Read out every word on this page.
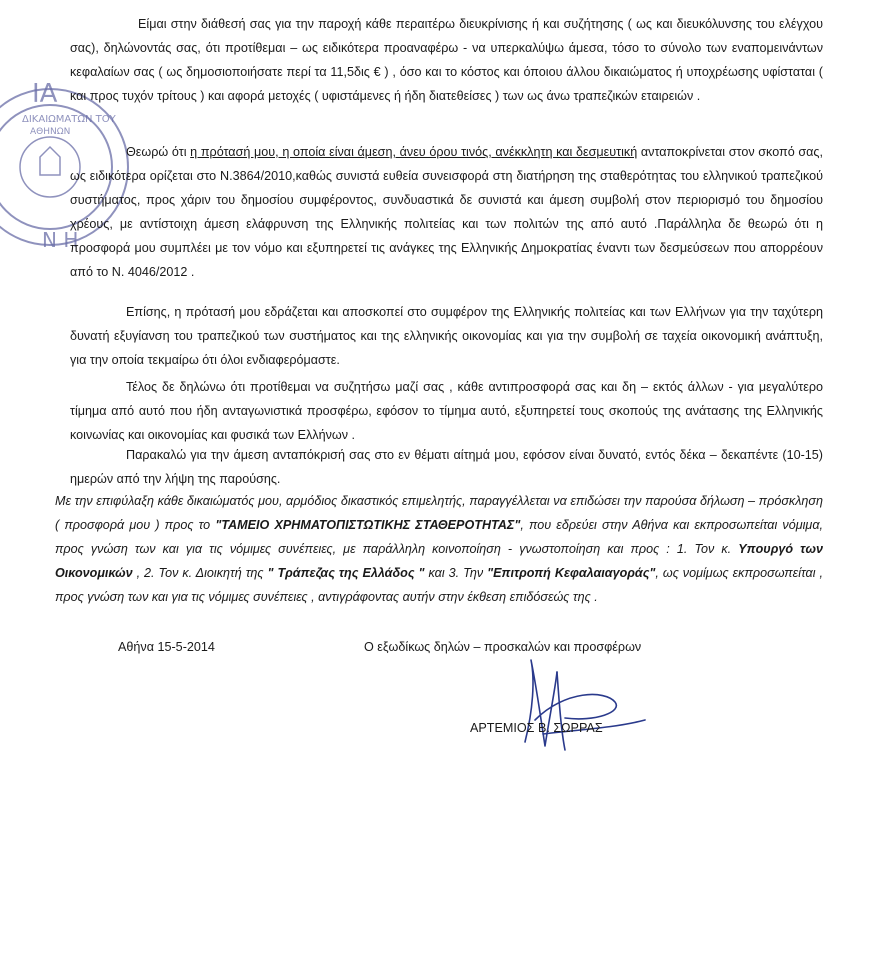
ΙΑ
ΔΙΚΑΙΩΜΑΤΩΝ ΤΟΥ
ΑΘΗΝΩΝ
Ν Η

Είμαι στην διάθεσή σας για την παροχή κάθε περαιτέρω διευκρίνισης ή και συζήτησης ( ως και διευκόλυνσης του ελέγχου σας), δηλώνοντάς σας, ότι προτίθεμαι – ως ειδικότερα προαναφέρω - να υπερκαλύψω άμεσα, τόσο το σύνολο των εναπομεινάντων κεφαλαίων σας ( ως δημοσιοποιήσατε περί τα 11,5δις € ) , όσο και το κόστος και όποιου άλλου δικαιώματος ή υποχρέωσης υφίσταται ( και προς τυχόν τρίτους ) και αφορά μετοχές ( υφιστάμενες ή ήδη διατεθείσες ) των ως άνω τραπεζικών εταιρειών .

Θεωρώ ότι η πρότασή μου, η οποία είναι άμεση, άνευ όρου τινός, ανέκκλητη και δεσμευτική ανταποκρίνεται στον σκοπό σας, ως ειδικότερα ορίζεται στο Ν.3864/2010,καθώς συνιστά ευθεία συνεισφορά στη διατήρηση της σταθερότητας του ελληνικού τραπεζικού συστήματος, προς χάριν του δημοσίου συμφέροντος, συνδυαστικά δε συνιστά και άμεση συμβολή στον περιορισμό του δημοσίου χρέους, με αντίστοιχη άμεση ελάφρυνση της Ελληνικής πολιτείας και των πολιτών της από αυτό .Παράλληλα δε θεωρώ ότι η προσφορά μου συμπλέει με τον νόμο και εξυπηρετεί τις ανάγκες της Ελληνικής Δημοκρατίας έναντι των δεσμεύσεων που απορρέουν από το Ν. 4046/2012 .

Επίσης, η πρότασή μου εδράζεται και αποσκοπεί στο συμφέρον της Ελληνικής πολιτείας και των Ελλήνων για την ταχύτερη δυνατή εξυγίανση του τραπεζικού των συστήματος και της ελληνικής οικονομίας και για την συμβολή σε ταχεία οικονομική ανάπτυξη, για την οποία τεκμαίρω ότι όλοι ενδιαφερόμαστε.

Τέλος δε δηλώνω ότι προτίθεμαι να συζητήσω μαζί σας , κάθε αντιπροσφορά σας και δη – εκτός άλλων - για μεγαλύτερο τίμημα από αυτό που ήδη ανταγωνιστικά προσφέρω, εφόσον το τίμημα αυτό, εξυπηρετεί τους σκοπούς της ανάτασης της Ελληνικής κοινωνίας και οικονομίας και φυσικά των Ελλήνων .

Παρακαλώ για την άμεση ανταπόκρισή σας στο εν θέματι αίτημά μου, εφόσον είναι δυνατό, εντός δέκα – δεκαπέντε (10-15) ημερών από την λήψη της παρούσης.

Με την επιφύλαξη κάθε δικαιώματός μου, αρμόδιος δικαστικός επιμελητής, παραγγέλλεται να επιδώσει την παρούσα δήλωση – πρόσκληση ( προσφορά μου ) προς το "ΤΑΜΕΙΟ ΧΡΗΜΑΤΟΠΙΣΤΩΤΙΚΗΣ ΣΤΑΘΕΡΟΤΗΤΑΣ", που εδρεύει στην Αθήνα και εκπροσωπείται νόμιμα, προς γνώση των και για τις νόμιμες συνέπειες, με παράλληλη κοινοποίηση - γνωστοποίηση και προς : 1. Τον κ. Υπουργό των Οικονομικών , 2. Τον κ. Διοικητή της " Τράπεζας της Ελλάδος " και 3. Την "Επιτροπή Κεφαλαιαγοράς", ως νομίμως εκπροσωπείται , προς γνώση των και για τις νόμιμες συνέπειες , αντιγράφοντας αυτήν στην έκθεση επιδόσεώς της .

Αθήνα 15-5-2014	Ο εξωδίκως δηλών – προσκαλών και προσφέρων
ΑΡΤΕΜΙΟΣ Β. ΣΩΡΡΑΣ
